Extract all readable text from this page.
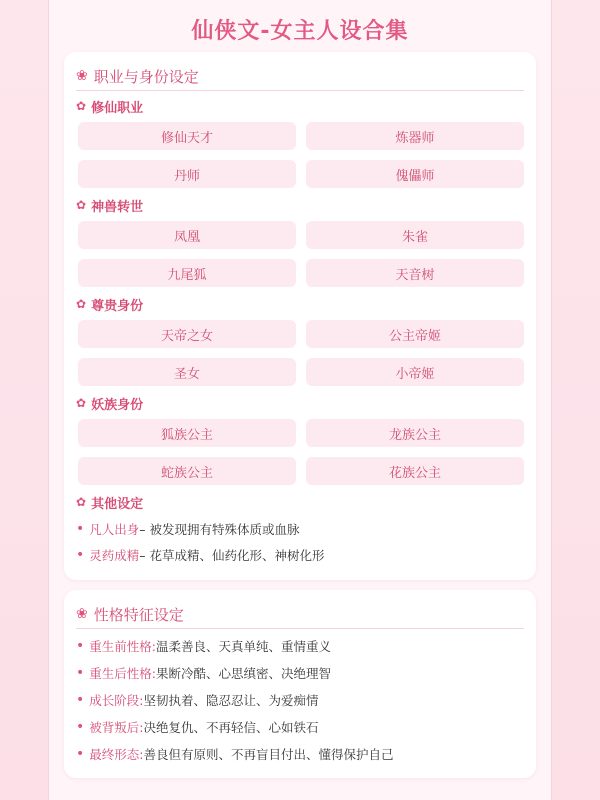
仙侠文-女主人设合集
❀ 职业与身份设定
✿ 修仙职业
修仙天才	炼器师
丹师	傀儡师
✿ 神兽转世
凤凰	朱雀
九尾狐	天音树
✿ 尊贵身份
天帝之女	公主帝姬
圣女	小帝姬
✿ 妖族身份
狐族公主	龙族公主
蛇族公主	花族公主
✿ 其他设定
• 凡人出身 – 被发现拥有特殊体质或血脉
• 灵药成精 – 花草成精、仙药化形、神树化形
❀ 性格特征设定
• 重生前性格: 温柔善良、天真单纯、重情重义
• 重生后性格: 果断冷酷、心思缜密、决绝理智
• 成长阶段: 坚韧执着、隐忍忍让、为爱痴情
• 被背叛后: 决绝复仇、不再轻信、心如铁石
• 最终形态: 善良但有原则、不再盲目付出、懂得保护自己
